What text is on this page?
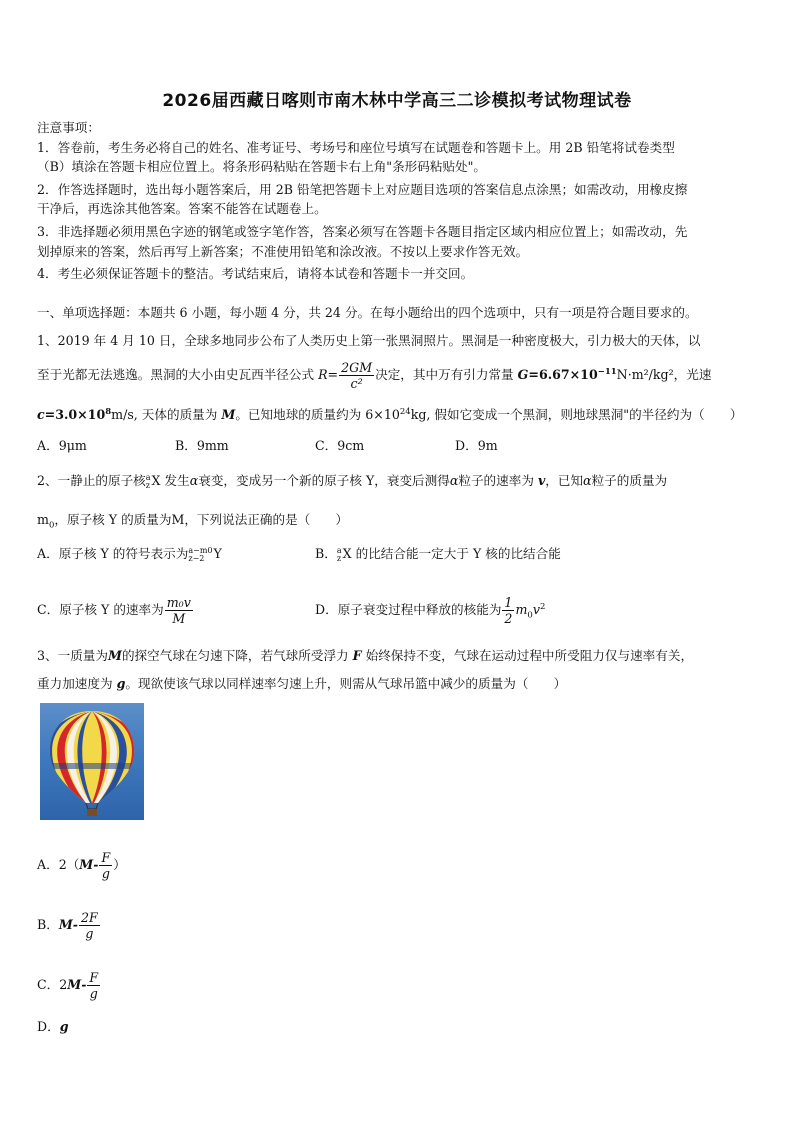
2026届西藏日喀则市南木林中学高三二诊模拟考试物理试卷
注意事项：
1．答卷前，考生务必将自己的姓名、准考证号、考场号和座位号填写在试题卷和答题卡上。用 2B 铅笔将试卷类型
（B）填涂在答题卡相应位置上。将条形码粘贴在答题卡右上角"条形码粘贴处"。
2．作答选择题时，选出每小题答案后，用 2B 铅笔把答题卡上对应题目选项的答案信息点涂黑；如需改动，用橡皮擦
干净后，再选涂其他答案。答案不能答在试题卷上。
3．非选择题必须用黑色字迹的钢笔或签字笔作答，答案必须写在答题卡各题目指定区域内相应位置上；如需改动，先
划掉原来的答案，然后再写上新答案；不准使用铅笔和涂改液。不按以上要求作答无效。
4．考生必须保证答题卡的整洁。考试结束后，请将本试卷和答题卡一并交回。
一、单项选择题：本题共 6 小题，每小题 4 分，共 24 分。在每小题给出的四个选项中，只有一项是符合题目要求的。
1、2019 年 4 月 10 日，全球多地同步公布了人类历史上第一张黑洞照片。黑洞是一种密度极大，引力极大的天体，以
至于光都无法逃逸。黑洞的大小由史瓦西半径公式 $R= \frac{2GM}{\text{c²}}$ 决定，其中万有引力常量 $G=6.67\times 10^{-11}N\cdot m^2$/kg²，光速
$c=3.0\times 10^8m/s$, 天体的质量为 M。已知地球的质量约为 $6\times 10^{24}kg$, 假如它变成一个黑洞，则地球黑洞"的半径约为（　　）
A．9μm	B．9mm	C．9cm	D．9m
2、一静止的原子核 a
z X 发生α衰变，变成另一个新的原子核 Y，衰变后测得α粒子的速率为 v，已知α粒子的质量为
$m_0$，原子核 Y 的质量为M，下列说法正确的是（　　）
A．原子核 Y 的符号表示为 a−m0
z−2 Y	B． a
z X 的比结合能一定大于 Y 核的比结合能
C．原子核 Y 的速率为 $\frac{\text{m₀v}}{M}$	D．原子衰变过程中释放的核能为 $\frac{1}{2} m_0v^2$
3、一质量为M的探空气球在匀速下降，若气球所受浮力 F 始终保持不变，气球在运动过程中所受阻力仅与速率有关，
重力加速度为 g。现欲使该气球以同样速率匀速上升，则需从气球吊篮中减少的质量为（　　）
A．$2(M- \frac{F}{g}$ ）
B．$M- \frac{2F}{g}$
C．$2M- \frac{F}{g}$
D．g
